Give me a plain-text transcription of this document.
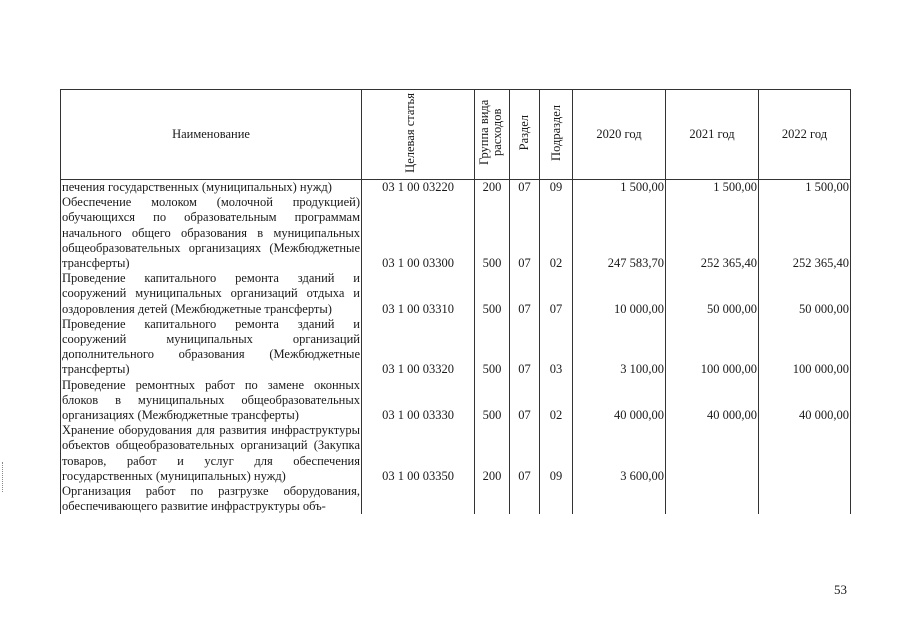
Наименование	Целевая статья	Группа вида расходов	Раздел	Подраздел	2020 год	2021 год	2022 год
печения государственных (муниципальных) нужд)	03 1 00 03220	200	07	09	1 500,00	1 500,00	1 500,00
Обеспечение молоком (молочной продукцией) обучающихся по образовательным программам начального общего образования в муниципальных общеобразовательных организациях (Межбюджетные трансферты)	03 1 00 03300	500	07	02	247 583,70	252 365,40	252 365,40
Проведение капитального ремонта зданий и сооружений муниципальных организаций отдыха и оздоровления детей (Межбюджетные трансферты)	03 1 00 03310	500	07	07	10 000,00	50 000,00	50 000,00
Проведение капитального ремонта зданий и сооружений муниципальных организаций дополнительного образования (Межбюджетные трансферты)	03 1 00 03320	500	07	03	3 100,00	100 000,00	100 000,00
Проведение ремонтных работ по замене оконных блоков в муниципальных общеобразовательных организациях (Межбюджетные трансферты)	03 1 00 03330	500	07	02	40 000,00	40 000,00	40 000,00
Хранение оборудования для развития инфраструктуры объектов общеобразовательных организаций (Закупка товаров, работ и услуг для обеспечения государственных (муниципальных) нужд)	03 1 00 03350	200	07	09	3 600,00		
Организация работ по разгрузке оборудования, обеспечивающего развитие инфраструктуры объ-							
53
